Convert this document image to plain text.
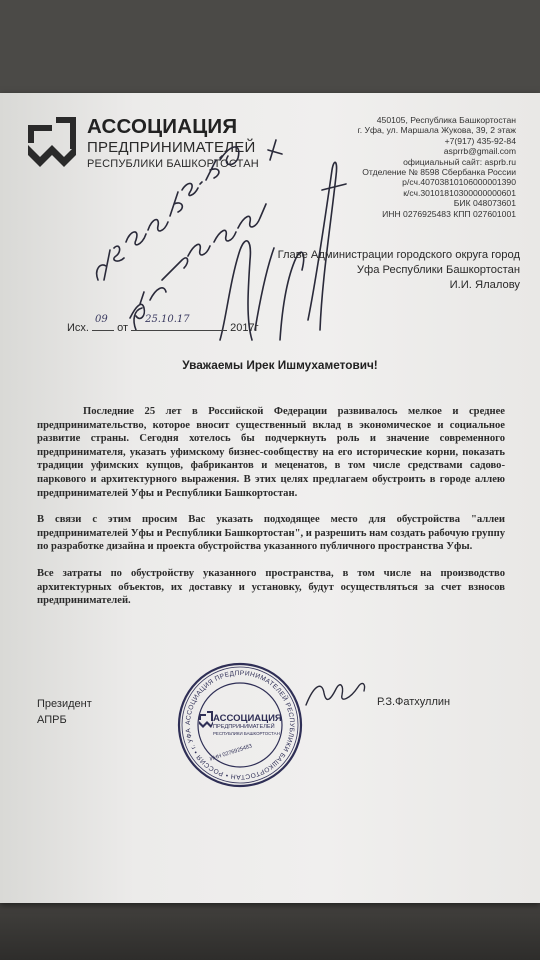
АССОЦИАЦИЯ
ПРЕДПРИНИМАТЕЛЕЙ
РЕСПУБЛИКИ БАШКОРТОСТАН
450105, Республика Башкортостан
г. Уфа, ул. Маршала Жукова, 39, 2 этаж
+7(917) 435-92-84
asprrb@gmail.com
официальный сайт: asprb.ru
Отделение № 8598 Сбербанка России
р/сч.40703810106000001390
к/сч.30101810300000000601
БИК 048073601
ИНН 0276925483 КПП 027601001
Главе Администрации городского округа город
Уфа Республики Башкортостан
И.И. Ялалову
Исх.
09
от
25.10.17
2017г
Уважаемы Ирек Ишмухаметович!

Последние 25 лет в Российской Федерации развивалось мелкое и среднее предпринимательство, которое вносит существенный вклад в экономическое и социальное развитие страны. Сегодня хотелось бы подчеркнуть роль и значение современного предпринимателя, указать уфимскому бизнес-сообществу на его исторические корни, показать традиции уфимских купцов, фабрикантов и меценатов, в том числе средствами садово-паркового и архитектурного выражения. В этих целях предлагаем обустроить в городе аллею предпринимателей Уфы и Республики Башкортостан.

В связи с этим просим Вас указать подходящее место для обустройства "аллеи предпринимателей Уфы и Республики Башкортостан", и разрешить нам создать рабочую группу по разработке дизайна и проекта обустройства указанного публичного пространства Уфы.

Все затраты по обустройству указанного пространства, в том числе на производство архитектурных объектов, их доставку и установку, будут осуществляться за счет взносов предпринимателей.

Президент
АПРБ
Р.З.Фатхуллин
АССОЦИАЦИЯ ПРЕДПРИНИМАТЕЛЕЙ РЕСПУБЛИКИ БАШКОРТОСТАН • РОССИЯ • г. УФА
АССОЦИАЦИЯ
ПРЕДПРИНИМАТЕЛЕЙ
РЕСПУБЛИКИ БАШКОРТОСТАН
ИНН 0276925483
